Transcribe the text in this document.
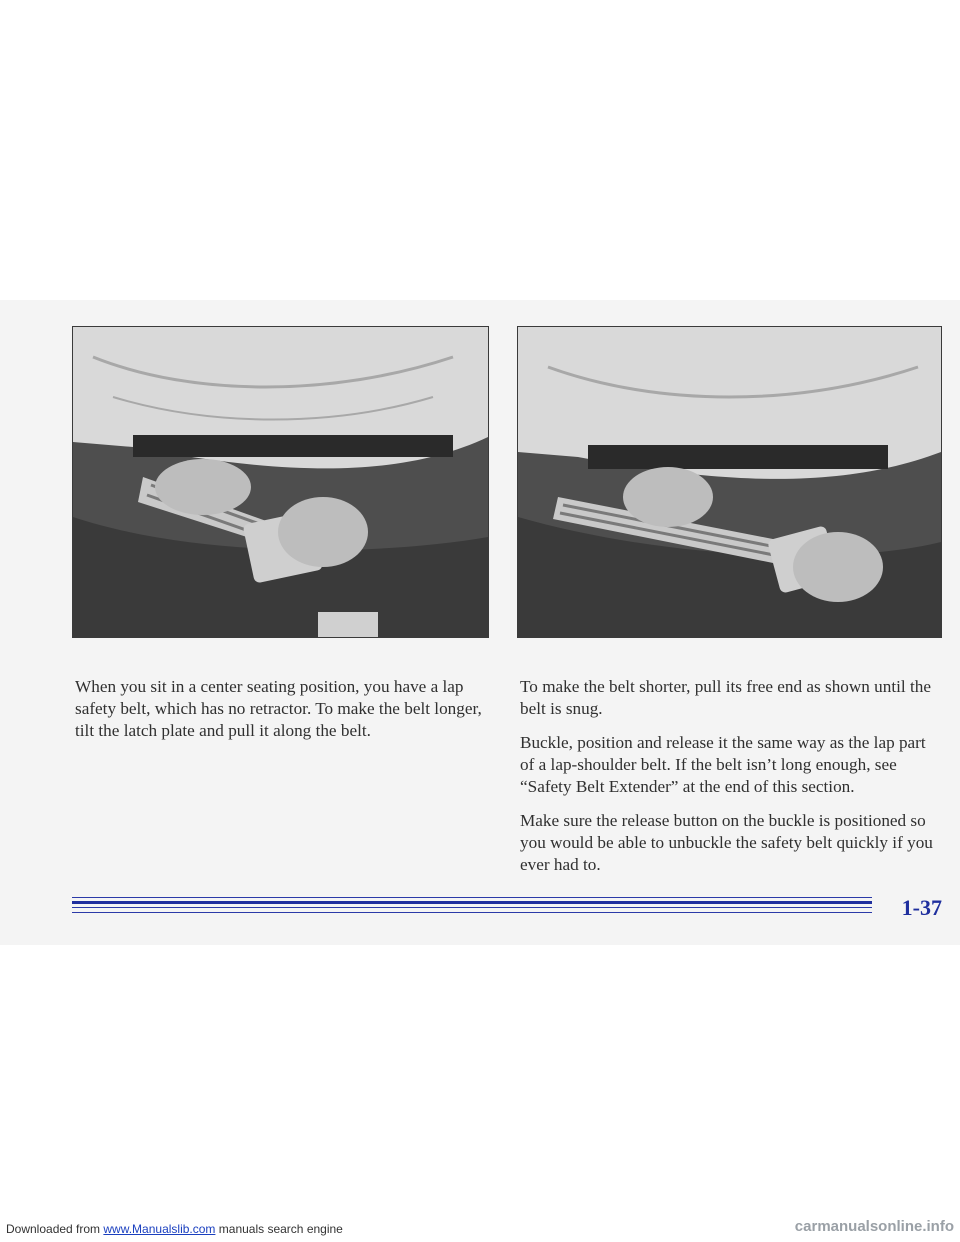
When you sit in a center seating position, you have a lap safety belt, which has no retractor. To make the belt longer, tilt the latch plate and pull it along the belt.

To make the belt shorter, pull its free end as shown until the belt is snug.

Buckle, position and release it the same way as the lap part of a lap-shoulder belt. If the belt isn’t long enough, see “Safety Belt Extender” at the end of this section.

Make sure the release button on the buckle is positioned so you would be able to unbuckle the safety belt quickly if you ever had to.

1-37
Downloaded from www.Manualslib.com manuals search engine	carmanualsonline.info
